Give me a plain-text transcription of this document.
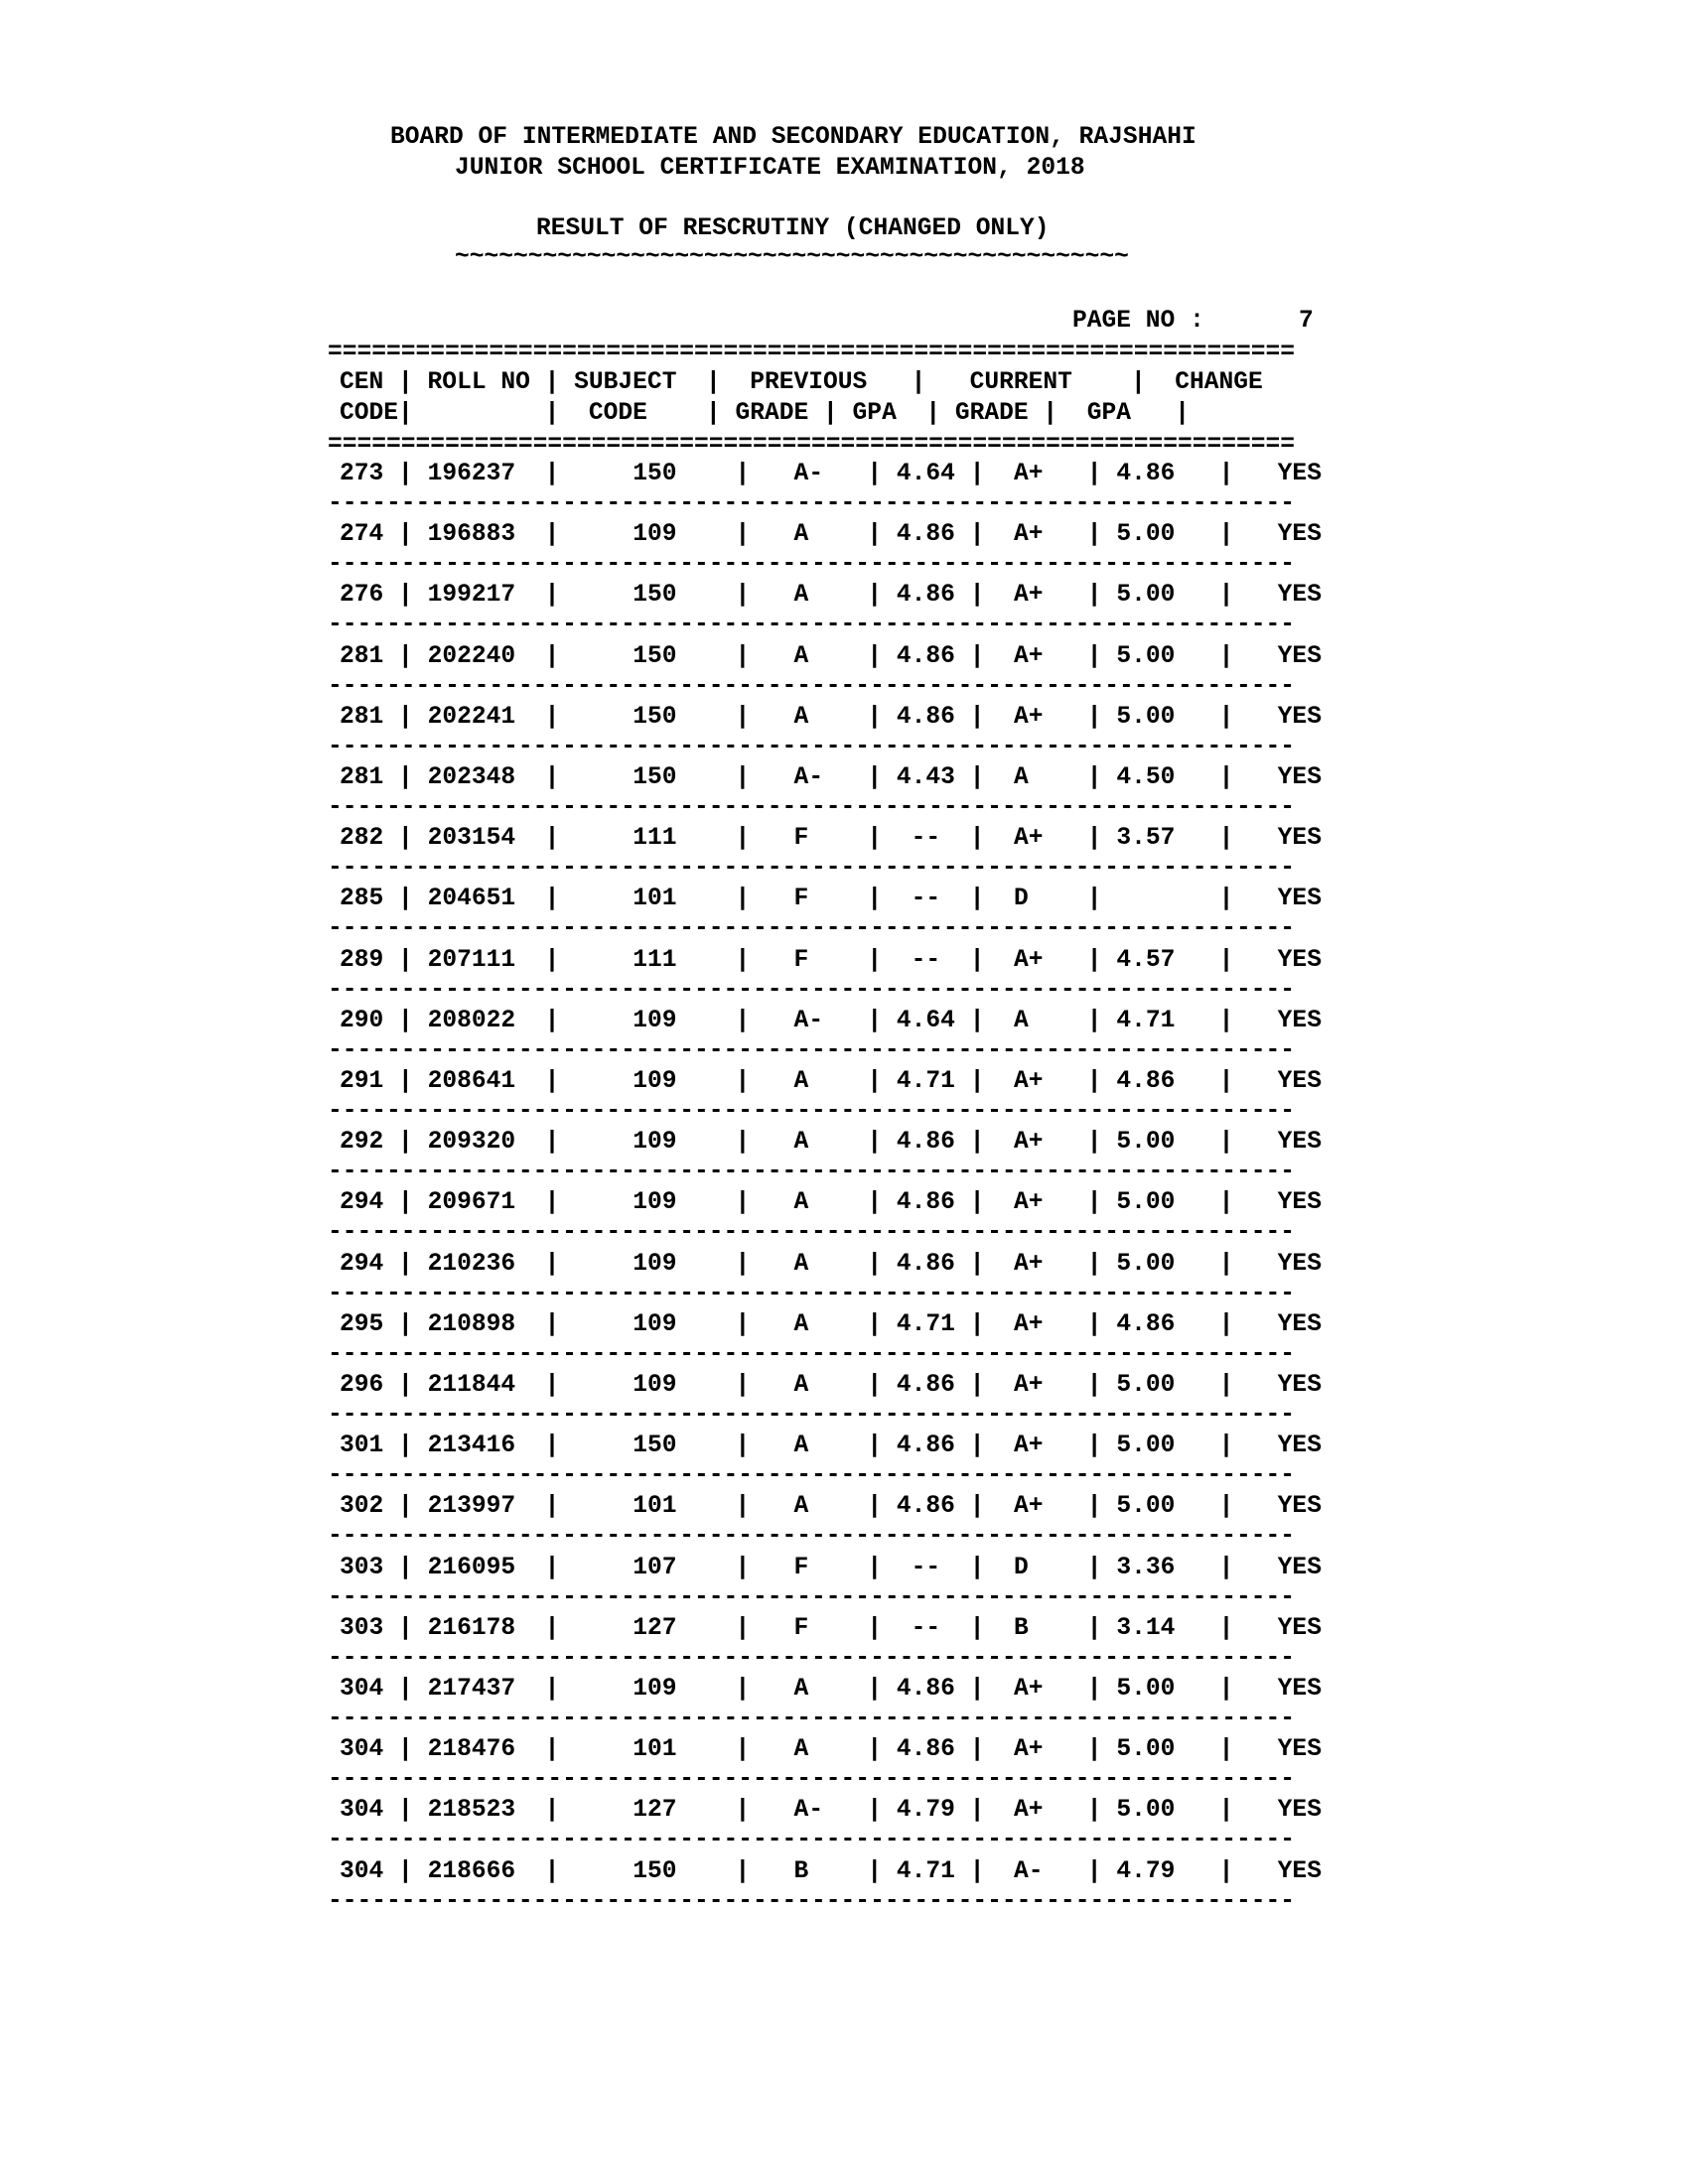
BOARD OF INTERMEDIATE AND SECONDARY EDUCATION, RAJSHAHI
JUNIOR SCHOOL CERTIFICATE EXAMINATION, 2018
RESULT OF RESCRUTINY (CHANGED ONLY)
~~~~~~~~~~~~~~~~~~~~~~~~~~~~~~~~~~~~~~~~~~~~~~
PAGE NO :	7
==================================================================
CEN | ROLL NO | SUBJECT  |  PREVIOUS   |   CURRENT    |  CHANGE
CODE|         |  CODE    | GRADE | GPA  | GRADE |  GPA   |
==================================================================
273 | 196237  |     150    |   A-   | 4.64 |  A+   | 4.86   |   YES
------------------------------------------------------------------
274 | 196883  |     109    |   A    | 4.86 |  A+   | 5.00   |   YES
------------------------------------------------------------------
276 | 199217  |     150    |   A    | 4.86 |  A+   | 5.00   |   YES
------------------------------------------------------------------
281 | 202240  |     150    |   A    | 4.86 |  A+   | 5.00   |   YES
------------------------------------------------------------------
281 | 202241  |     150    |   A    | 4.86 |  A+   | 5.00   |   YES
------------------------------------------------------------------
281 | 202348  |     150    |   A-   | 4.43 |  A    | 4.50   |   YES
------------------------------------------------------------------
282 | 203154  |     111    |   F    |  --  |  A+   | 3.57   |   YES
------------------------------------------------------------------
285 | 204651  |     101    |   F    |  --  |  D    |        |   YES
------------------------------------------------------------------
289 | 207111  |     111    |   F    |  --  |  A+   | 4.57   |   YES
------------------------------------------------------------------
290 | 208022  |     109    |   A-   | 4.64 |  A    | 4.71   |   YES
------------------------------------------------------------------
291 | 208641  |     109    |   A    | 4.71 |  A+   | 4.86   |   YES
------------------------------------------------------------------
292 | 209320  |     109    |   A    | 4.86 |  A+   | 5.00   |   YES
------------------------------------------------------------------
294 | 209671  |     109    |   A    | 4.86 |  A+   | 5.00   |   YES
------------------------------------------------------------------
294 | 210236  |     109    |   A    | 4.86 |  A+   | 5.00   |   YES
------------------------------------------------------------------
295 | 210898  |     109    |   A    | 4.71 |  A+   | 4.86   |   YES
------------------------------------------------------------------
296 | 211844  |     109    |   A    | 4.86 |  A+   | 5.00   |   YES
------------------------------------------------------------------
301 | 213416  |     150    |   A    | 4.86 |  A+   | 5.00   |   YES
------------------------------------------------------------------
302 | 213997  |     101    |   A    | 4.86 |  A+   | 5.00   |   YES
------------------------------------------------------------------
303 | 216095  |     107    |   F    |  --  |  D    | 3.36   |   YES
------------------------------------------------------------------
303 | 216178  |     127    |   F    |  --  |  B    | 3.14   |   YES
------------------------------------------------------------------
304 | 217437  |     109    |   A    | 4.86 |  A+   | 5.00   |   YES
------------------------------------------------------------------
304 | 218476  |     101    |   A    | 4.86 |  A+   | 5.00   |   YES
------------------------------------------------------------------
304 | 218523  |     127    |   A-   | 4.79 |  A+   | 5.00   |   YES
------------------------------------------------------------------
304 | 218666  |     150    |   B    | 4.71 |  A-   | 4.79   |   YES
------------------------------------------------------------------
